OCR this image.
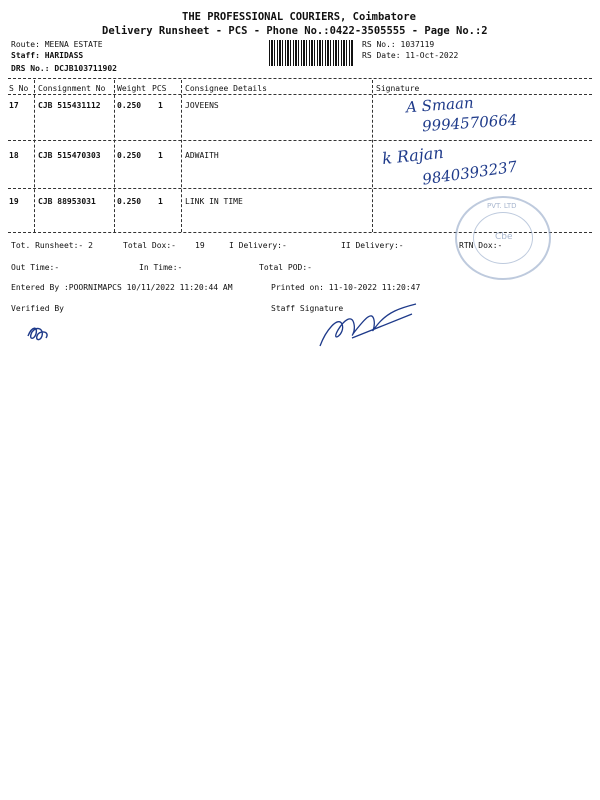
THE PROFESSIONAL COURIERS, Coimbatore
Delivery Runsheet - PCS - Phone No.:0422-3505555 - Page No.:2
Route: MEENA ESTATE
Staff: HARIDASS
DRS No.: DCJB103711902
RS No.: 1037119
RS Date: 11-Oct-2022
S No Consignment No Weight PCS Consignee Details	Signature
17 CJB 515431112 0.250 1	JOVEENS	A Smaan
9994570664
18 CJB 515470303 0.250 1	ADWAITH	k Rajan
9840393237
19 CJB 88953031	0.250 1	LINK IN TIME	PVT. LTD
Cbe
Tot. Runsheet:- 2	Total Dox:- 19	I Delivery:-	II Delivery:-	RTN Dox:-
Out Time:-	In Time:-	Total POD:-
Entered By :POORNIMAPCS 10/11/2022 11:20:44 AM	Printed on: 11-10-2022 11:20:47
Verified By	Staff Signature
